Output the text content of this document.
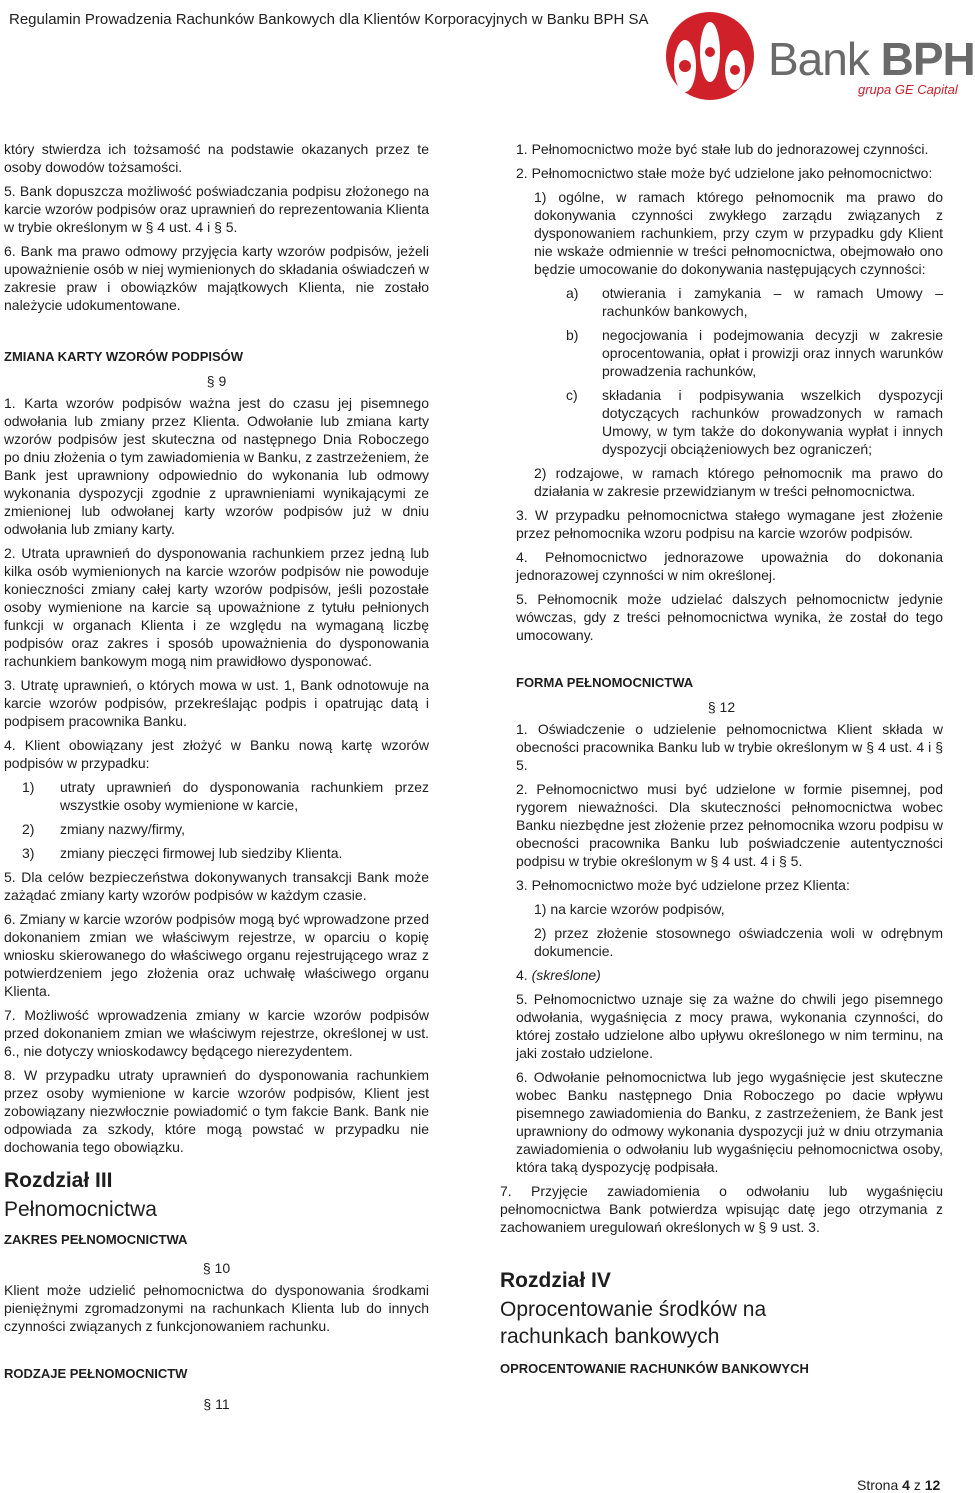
Regulamin Prowadzenia Rachunków Bankowych dla Klientów Korporacyjnych w Banku BPH SA
Bank BPH
grupa GE Capital

który stwierdza ich tożsamość na podstawie okazanych przez te osoby dowodów tożsamości.

5. Bank dopuszcza możliwość poświadczania podpisu złożonego na karcie wzorów podpisów oraz uprawnień do reprezentowania Klienta w trybie określonym w § 4 ust. 4 i § 5.

6. Bank ma prawo odmowy przyjęcia karty wzorów podpisów, jeżeli upoważnienie osób w niej wymienionych do składania oświadczeń w zakresie praw i obowiązków majątkowych Klienta, nie zostało należycie udokumentowane.

ZMIANA KARTY WZORÓW PODPISÓW

§ 9

1. Karta wzorów podpisów ważna jest do czasu jej pisemnego odwołania lub zmiany przez Klienta. Odwołanie lub zmiana karty wzorów podpisów jest skuteczna od następnego Dnia Roboczego po dniu złożenia o tym zawiadomienia w Banku, z zastrzeżeniem, że Bank jest uprawniony odpowiednio do wykonania lub odmowy wykonania dyspozycji zgodnie z uprawnieniami wynikającymi ze zmienionej lub odwołanej karty wzorów podpisów już w dniu odwołania lub zmiany karty.

2. Utrata uprawnień do dysponowania rachunkiem przez jedną lub kilka osób wymienionych na karcie wzorów podpisów nie powoduje konieczności zmiany całej karty wzorów podpisów, jeśli pozostałe osoby wymienione na karcie są upoważnione z tytułu pełnionych funkcji w organach Klienta i ze względu na wymaganą liczbę podpisów oraz zakres i sposób upoważnienia do dysponowania rachunkiem bankowym mogą nim prawidłowo dysponować.

3. Utratę uprawnień, o których mowa w ust. 1, Bank odnotowuje na karcie wzorów podpisów, przekreślając podpis i opatrując datą i podpisem pracownika Banku.

4. Klient obowiązany jest złożyć w Banku nową kartę wzorów podpisów w przypadku:

1)	utraty uprawnień do dysponowania rachunkiem przez wszystkie osoby wymienione w karcie,
2)	zmiany nazwy/firmy,
3)	zmiany pieczęci firmowej lub siedziby Klienta.

5. Dla celów bezpieczeństwa dokonywanych transakcji Bank może zażądać zmiany karty wzorów podpisów w każdym czasie.

6. Zmiany w karcie wzorów podpisów mogą być wprowadzone przed dokonaniem zmian we właściwym rejestrze, w oparciu o kopię wniosku skierowanego do właściwego organu rejestrującego wraz z potwierdzeniem jego złożenia oraz uchwałę właściwego organu Klienta.

7. Możliwość wprowadzenia zmiany w karcie wzorów podpisów przed dokonaniem zmian we właściwym rejestrze, określonej w ust. 6., nie dotyczy wnioskodawcy będącego nierezydentem.

8. W przypadku utraty uprawnień do dysponowania rachunkiem przez osoby wymienione w karcie wzorów podpisów, Klient jest zobowiązany niezwłocznie powiadomić o tym fakcie Bank. Bank nie odpowiada za szkody, które mogą powstać w przypadku nie dochowania tego obowiązku.

Rozdział III

Pełnomocnictwa

ZAKRES PEŁNOMOCNICTWA

§ 10

Klient może udzielić pełnomocnictwa do dysponowania środkami pieniężnymi zgromadzonymi na rachunkach Klienta lub do innych czynności związanych z funkcjonowaniem rachunku.

RODZAJE PEŁNOMOCNICTW

§ 11

1. Pełnomocnictwo może być stałe lub do jednorazowej czynności.

2. Pełnomocnictwo stałe może być udzielone jako pełnomocnictwo:

1) ogólne, w ramach którego pełnomocnik ma prawo do dokonywania czynności zwykłego zarządu związanych z dysponowaniem rachunkiem, przy czym w przypadku gdy Klient nie wskaże odmiennie w treści pełnomocnictwa, obejmowało ono będzie umocowanie do dokonywania następujących czynności:

a)	otwierania i zamykania – w ramach Umowy – rachunków bankowych,
b)	negocjowania i podejmowania decyzji w zakresie oprocentowania, opłat i prowizji oraz innych warunków prowadzenia rachunków,
c)	składania i podpisywania wszelkich dyspozycji dotyczących rachunków prowadzonych w ramach Umowy, w tym także do dokonywania wypłat i innych dyspozycji obciążeniowych bez ograniczeń;

2) rodzajowe, w ramach którego pełnomocnik ma prawo do działania w zakresie przewidzianym w treści pełnomocnictwa.

3. W przypadku pełnomocnictwa stałego wymagane jest złożenie przez pełnomocnika wzoru podpisu na karcie wzorów podpisów.

4. Pełnomocnictwo jednorazowe upoważnia do dokonania jednorazowej czynności w nim określonej.

5. Pełnomocnik może udzielać dalszych pełnomocnictw jedynie wówczas, gdy z treści pełnomocnictwa wynika, że został do tego umocowany.

FORMA PEŁNOMOCNICTWA

§ 12

1. Oświadczenie o udzielenie pełnomocnictwa Klient składa w obecności pracownika Banku lub w trybie określonym w § 4 ust. 4 i § 5.

2. Pełnomocnictwo musi być udzielone w formie pisemnej, pod rygorem nieważności. Dla skuteczności pełnomocnictwa wobec Banku niezbędne jest złożenie przez pełnomocnika wzoru podpisu w obecności pracownika Banku lub poświadczenie autentyczności podpisu w trybie określonym w § 4 ust. 4 i § 5.

3. Pełnomocnictwo może być udzielone przez Klienta:

1) na karcie wzorów podpisów,

2) przez złożenie stosownego oświadczenia woli w odrębnym dokumencie.

4. (skreślone)

5. Pełnomocnictwo uznaje się za ważne do chwili jego pisemnego odwołania, wygaśnięcia z mocy prawa, wykonania czynności, do której zostało udzielone albo upływu określonego w nim terminu, na jaki zostało udzielone.

6. Odwołanie pełnomocnictwa lub jego wygaśnięcie jest skuteczne wobec Banku następnego Dnia Roboczego po dacie wpływu pisemnego zawiadomienia do Banku, z zastrzeżeniem, że Bank jest uprawniony do odmowy wykonania dyspozycji już w dniu otrzymania zawiadomienia o odwołaniu lub wygaśnięciu pełnomocnictwa osoby, która taką dyspozycję podpisała.

7. Przyjęcie zawiadomienia o odwołaniu lub wygaśnięciu pełnomocnictwa Bank potwierdza wpisując datę jego otrzymania z zachowaniem uregulowań określonych w § 9 ust. 3.

Rozdział IV

Oprocentowanie środków na

rachunkach bankowych

OPROCENTOWANIE RACHUNKÓW BANKOWYCH

Strona 4 z 12
